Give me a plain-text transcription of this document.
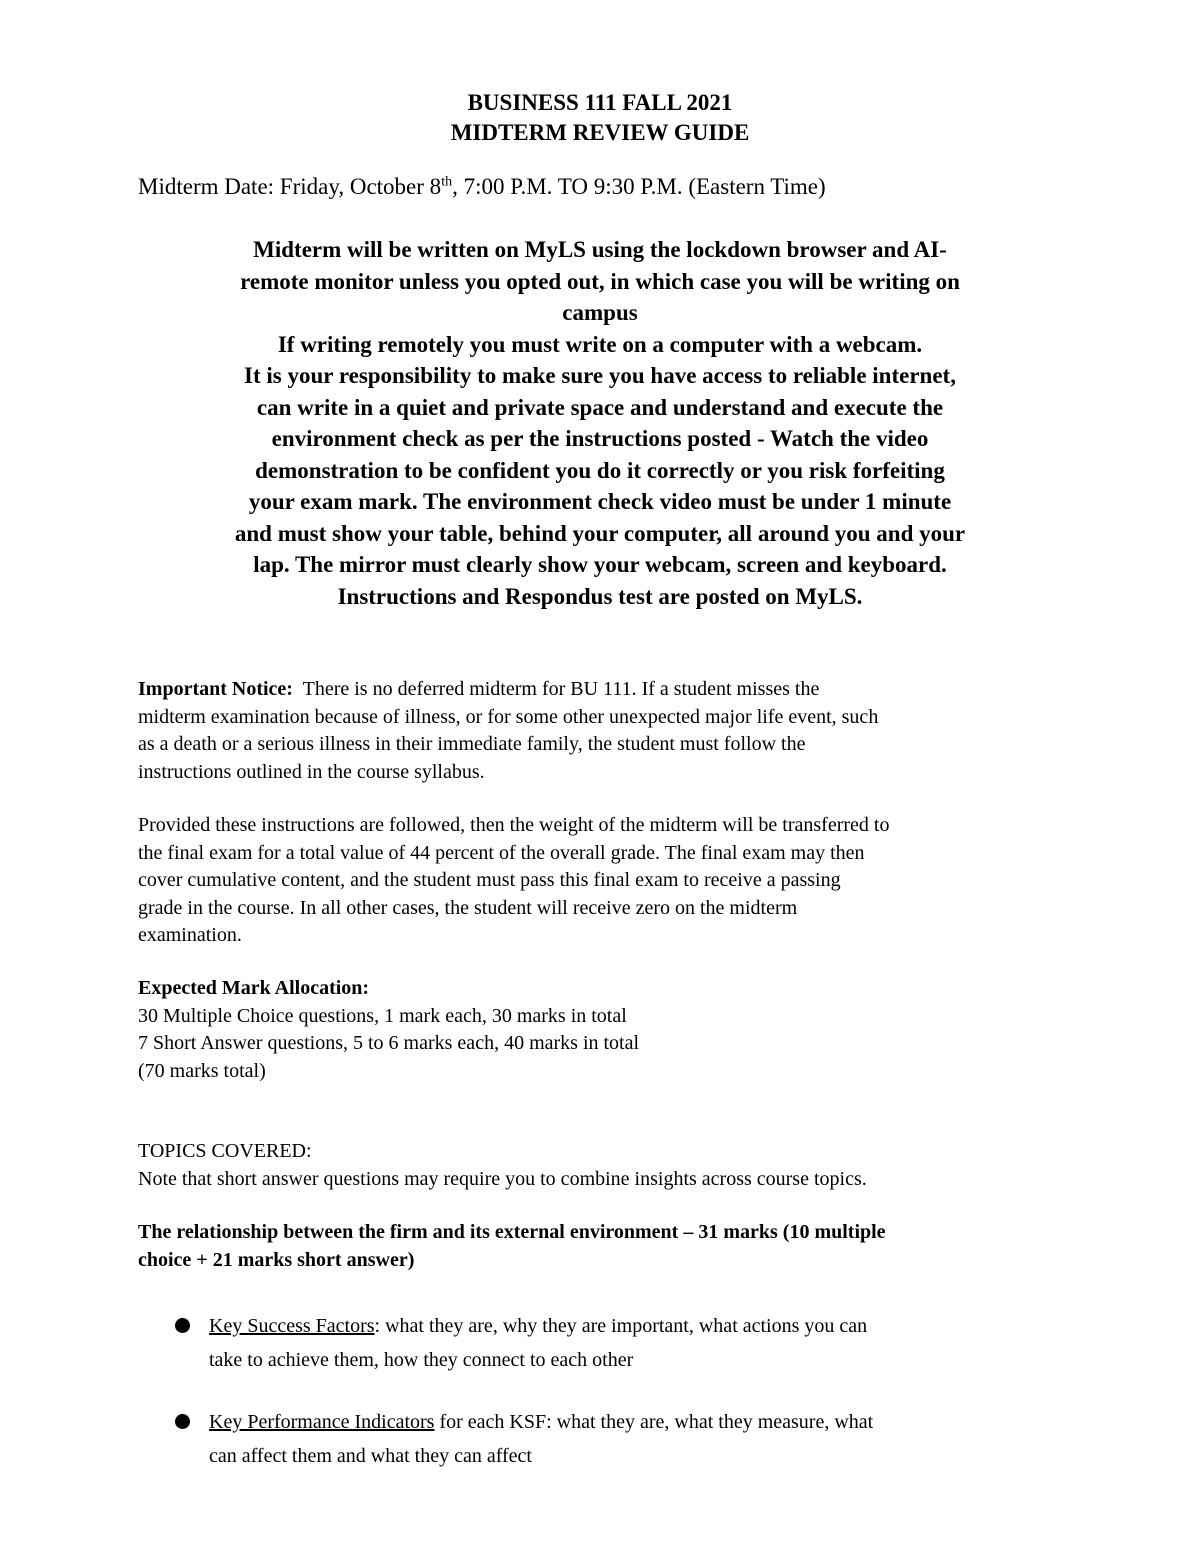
BUSINESS 111 FALL 2021
MIDTERM REVIEW GUIDE
Midterm Date: Friday, October 8th, 7:00 P.M. TO 9:30 P.M. (Eastern Time)
Midterm will be written on MyLS using the lockdown browser and AI-
remote monitor unless you opted out, in which case you will be writing on
campus
If writing remotely you must write on a computer with a webcam.
It is your responsibility to make sure you have access to reliable internet,
can write in a quiet and private space and understand and execute the
environment check as per the instructions posted - Watch the video
demonstration to be confident you do it correctly or you risk forfeiting
your exam mark. The environment check video must be under 1 minute
and must show your table, behind your computer, all around you and your
lap. The mirror must clearly show your webcam, screen and keyboard.
Instructions and Respondus test are posted on MyLS.
Important Notice:  There is no deferred midterm for BU 111. If a student misses the
midterm examination because of illness, or for some other unexpected major life event, such
as a death or a serious illness in their immediate family, the student must follow the
instructions outlined in the course syllabus.
Provided these instructions are followed, then the weight of the midterm will be transferred to
the final exam for a total value of 44 percent of the overall grade. The final exam may then
cover cumulative content, and the student must pass this final exam to receive a passing
grade in the course. In all other cases, the student will receive zero on the midterm
examination.
Expected Mark Allocation:
30 Multiple Choice questions, 1 mark each, 30 marks in total
7 Short Answer questions, 5 to 6 marks each, 40 marks in total
(70 marks total)
TOPICS COVERED:
Note that short answer questions may require you to combine insights across course topics.
The relationship between the firm and its external environment – 31 marks (10 multiple
choice + 21 marks short answer)
Key Success Factors: what they are, why they are important, what actions you can
take to achieve them, how they connect to each other
Key Performance Indicators for each KSF: what they are, what they measure, what
can affect them and what they can affect
